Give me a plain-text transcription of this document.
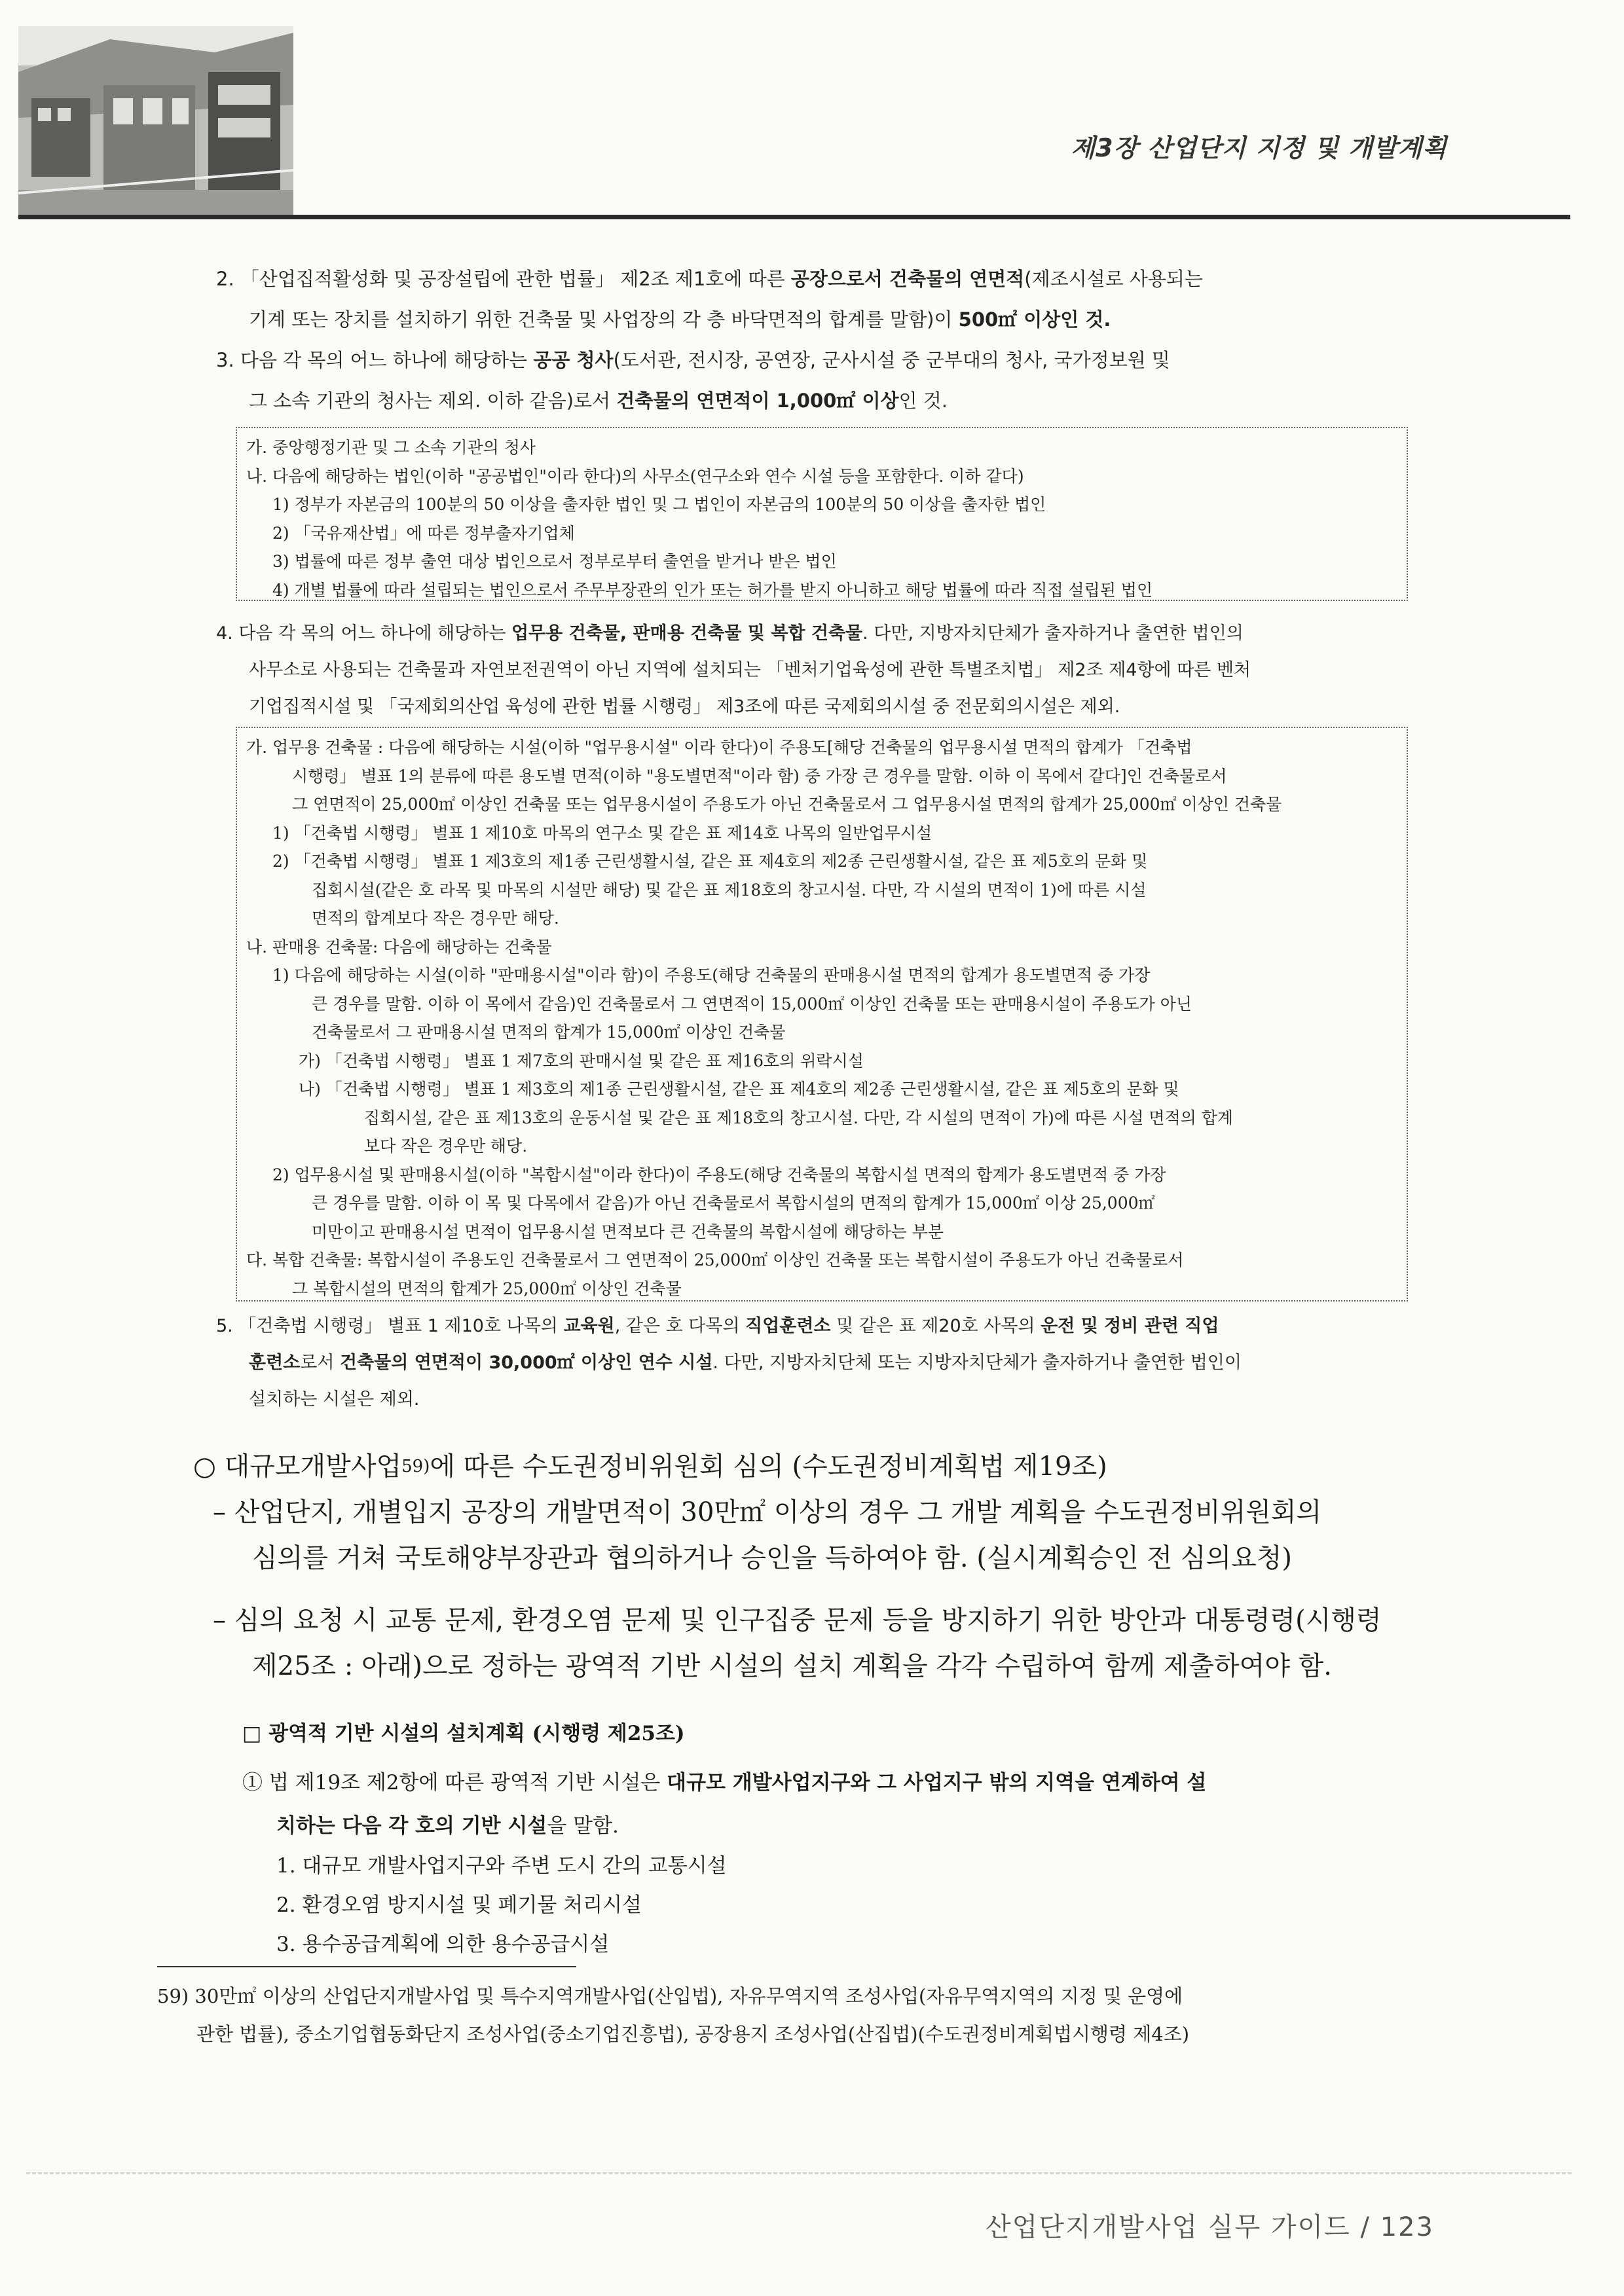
제3장 산업단지 지정 및 개발계획
2. 「산업집적활성화 및 공장설립에 관한 법률」 제2조 제1호에 따른 공장으로서 건축물의 연면적(제조시설로 사용되는
기계 또는 장치를 설치하기 위한 건축물 및 사업장의 각 층 바닥면적의 합계를 말함)이 500㎡ 이상인 것.
3. 다음 각 목의 어느 하나에 해당하는 공공 청사(도서관, 전시장, 공연장, 군사시설 중 군부대의 청사, 국가정보원 및
그 소속 기관의 청사는 제외. 이하 같음)로서 건축물의 연면적이 1,000㎡ 이상인 것.
가. 중앙행정기관 및 그 소속 기관의 청사
나. 다음에 해당하는 법인(이하 "공공법인"이라 한다)의 사무소(연구소와 연수 시설 등을 포함한다. 이하 같다)
1) 정부가 자본금의 100분의 50 이상을 출자한 법인 및 그 법인이 자본금의 100분의 50 이상을 출자한 법인
2) 「국유재산법」에 따른 정부출자기업체
3) 법률에 따른 정부 출연 대상 법인으로서 정부로부터 출연을 받거나 받은 법인
4) 개별 법률에 따라 설립되는 법인으로서 주무부장관의 인가 또는 허가를 받지 아니하고 해당 법률에 따라 직접 설립된 법인
4. 다음 각 목의 어느 하나에 해당하는 업무용 건축물, 판매용 건축물 및 복합 건축물. 다만, 지방자치단체가 출자하거나 출연한 법인의
사무소로 사용되는 건축물과 자연보전권역이 아닌 지역에 설치되는 「벤처기업육성에 관한 특별조치법」 제2조 제4항에 따른 벤처
기업집적시설 및 「국제회의산업 육성에 관한 법률 시행령」 제3조에 따른 국제회의시설 중 전문회의시설은 제외.
가. 업무용 건축물 : 다음에 해당하는 시설(이하 "업무용시설" 이라 한다)이 주용도[해당 건축물의 업무용시설 면적의 합계가 「건축법
시행령」 별표 1의 분류에 따른 용도별 면적(이하 "용도별면적"이라 함) 중 가장 큰 경우를 말함. 이하 이 목에서 같다]인 건축물로서
그 연면적이 25,000㎡ 이상인 건축물 또는 업무용시설이 주용도가 아닌 건축물로서 그 업무용시설 면적의 합계가 25,000㎡ 이상인 건축물
1) 「건축법 시행령」 별표 1 제10호 마목의 연구소 및 같은 표 제14호 나목의 일반업무시설
2) 「건축법 시행령」 별표 1 제3호의 제1종 근린생활시설, 같은 표 제4호의 제2종 근린생활시설, 같은 표 제5호의 문화 및
집회시설(같은 호 라목 및 마목의 시설만 해당) 및 같은 표 제18호의 창고시설. 다만, 각 시설의 면적이 1)에 따른 시설
면적의 합계보다 작은 경우만 해당.
나. 판매용 건축물: 다음에 해당하는 건축물
1) 다음에 해당하는 시설(이하 "판매용시설"이라 함)이 주용도(해당 건축물의 판매용시설 면적의 합계가 용도별면적 중 가장
큰 경우를 말함. 이하 이 목에서 같음)인 건축물로서 그 연면적이 15,000㎡ 이상인 건축물 또는 판매용시설이 주용도가 아닌
건축물로서 그 판매용시설 면적의 합계가 15,000㎡ 이상인 건축물
가) 「건축법 시행령」 별표 1 제7호의 판매시설 및 같은 표 제16호의 위락시설
나) 「건축법 시행령」 별표 1 제3호의 제1종 근린생활시설, 같은 표 제4호의 제2종 근린생활시설, 같은 표 제5호의 문화 및
집회시설, 같은 표 제13호의 운동시설 및 같은 표 제18호의 창고시설. 다만, 각 시설의 면적이 가)에 따른 시설 면적의 합계
보다 작은 경우만 해당.
2) 업무용시설 및 판매용시설(이하 "복합시설"이라 한다)이 주용도(해당 건축물의 복합시설 면적의 합계가 용도별면적 중 가장
큰 경우를 말함. 이하 이 목 및 다목에서 같음)가 아닌 건축물로서 복합시설의 면적의 합계가 15,000㎡ 이상 25,000㎡
미만이고 판매용시설 면적이 업무용시설 면적보다 큰 건축물의 복합시설에 해당하는 부분
다. 복합 건축물: 복합시설이 주용도인 건축물로서 그 연면적이 25,000㎡ 이상인 건축물 또는 복합시설이 주용도가 아닌 건축물로서
그 복합시설의 면적의 합계가 25,000㎡ 이상인 건축물
5. 「건축법 시행령」 별표 1 제10호 나목의 교육원, 같은 호 다목의 직업훈련소 및 같은 표 제20호 사목의 운전 및 정비 관련 직업
훈련소로서 건축물의 연면적이 30,000㎡ 이상인 연수 시설. 다만, 지방자치단체 또는 지방자치단체가 출자하거나 출연한 법인이
설치하는 시설은 제외.
○ 대규모개발사업$^{59)}$에 따른 수도권정비위원회 심의 (수도권정비계획법 제19조)
– 산업단지, 개별입지 공장의 개발면적이 30만㎡ 이상의 경우 그 개발 계획을 수도권정비위원회의
심의를 거쳐 국토해양부장관과 협의하거나 승인을 득하여야 함. (실시계획승인 전 심의요청)
– 심의 요청 시 교통 문제, 환경오염 문제 및 인구집중 문제 등을 방지하기 위한 방안과 대통령령(시행령
제25조 : 아래)으로 정하는 광역적 기반 시설의 설치 계획을 각각 수립하여 함께 제출하여야 함.
□ 광역적 기반 시설의 설치계획 (시행령 제25조)
① 법 제19조 제2항에 따른 광역적 기반 시설은 대규모 개발사업지구와 그 사업지구 밖의 지역을 연계하여 설
치하는 다음 각 호의 기반 시설을 말함.
1. 대규모 개발사업지구와 주변 도시 간의 교통시설
2. 환경오염 방지시설 및 폐기물 처리시설
3. 용수공급계획에 의한 용수공급시설
59) 30만㎡ 이상의 산업단지개발사업 및 특수지역개발사업(산입법), 자유무역지역 조성사업(자유무역지역의 지정 및 운영에
관한 법률), 중소기업협동화단지 조성사업(중소기업진흥법), 공장용지 조성사업(산집법)(수도권정비계획법시행령 제4조)
산업단지개발사업 실무 가이드 / 123
